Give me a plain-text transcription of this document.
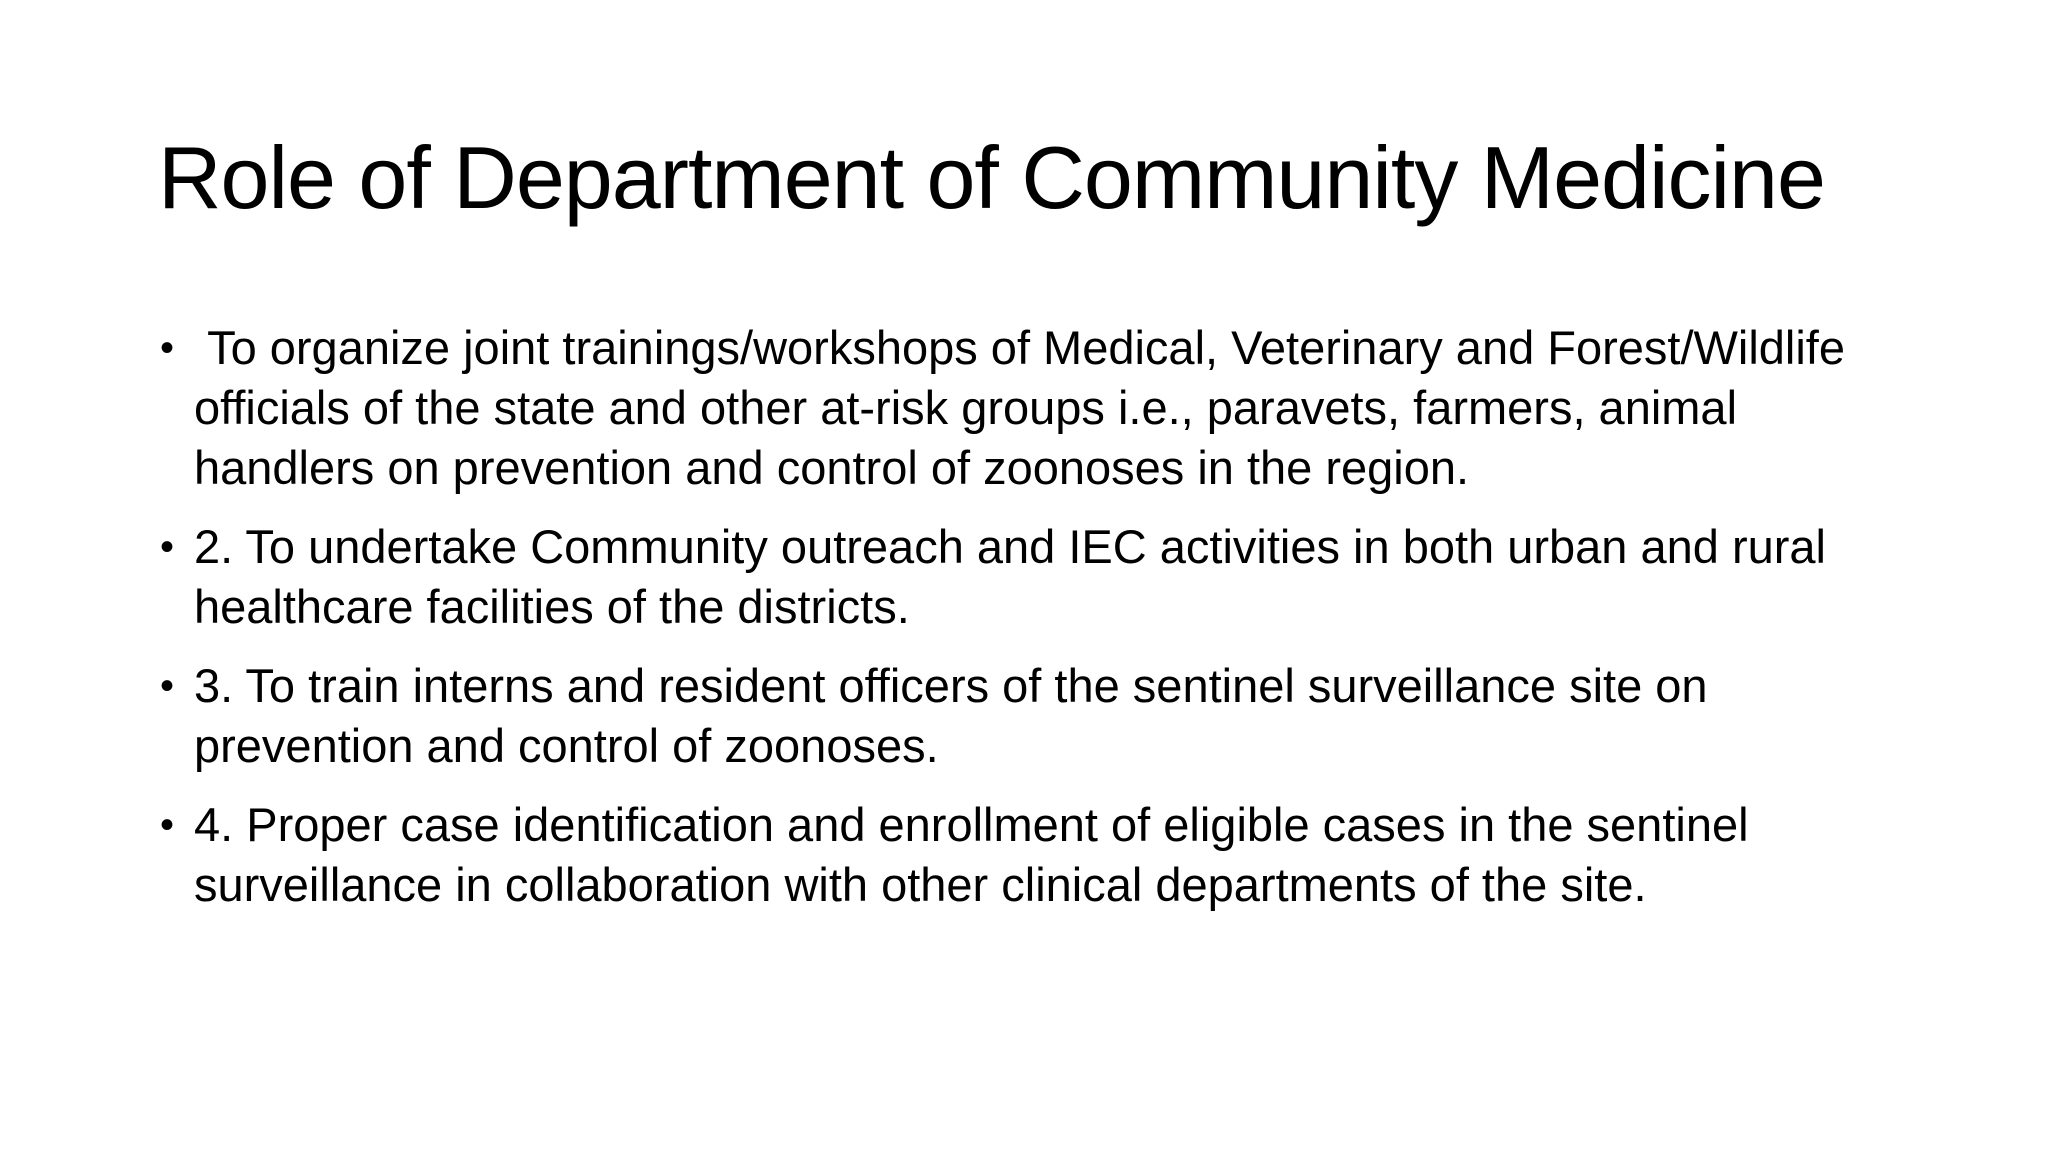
Role of Department of Community Medicine
• To organize joint trainings/workshops of Medical, Veterinary and Forest/Wildlife officials of the state and other at-risk groups i.e., paravets, farmers, animal handlers on prevention and control of zoonoses in the region.
• 2. To undertake Community outreach and IEC activities in both urban and rural healthcare facilities of the districts.
• 3. To train interns and resident officers of the sentinel surveillance site on prevention and control of zoonoses.
• 4. Proper case identification and enrollment of eligible cases in the sentinel surveillance in collaboration with other clinical departments of the site.
